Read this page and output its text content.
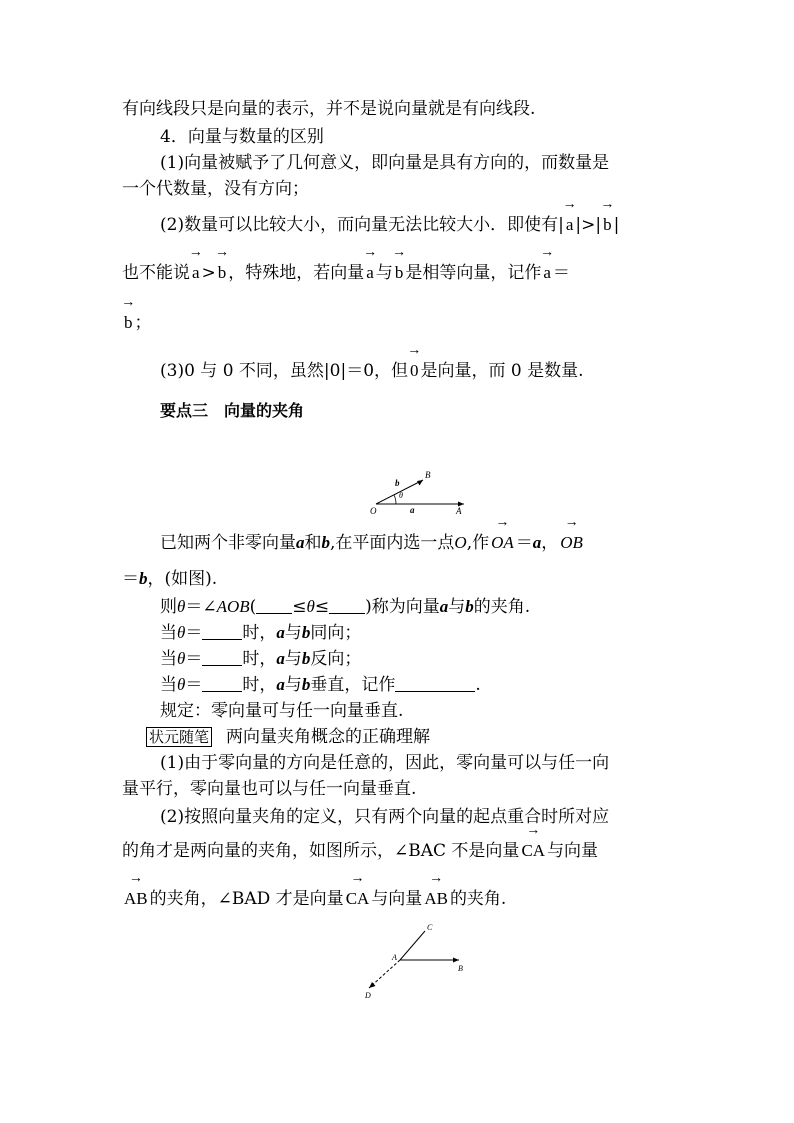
有向线段只是向量的表示，并不是说向量就是有向线段.
4．向量与数量的区别
(1)向量被赋予了几何意义，即向量是具有方向的，而数量是
一个代数量，没有方向；
(2)数量可以比较大小，而向量无法比较大小．即使有| → a |>| → b |
也不能说 → a > → b ，特殊地，若向量 → a 与 → b 是相等向量，记作 → a ＝
→ b ；
(3)0 与 0 不同，虽然|0|＝0，但 → 0 是向量，而 0 是数量.
要点三　向量的夹角
O	A
B
a
b
θ
已知两个非零向量a和b,在平面内选一点O,作 → OA ＝a， → OB
＝b，(如图).
则θ＝∠AOB( ≤θ≤ )称为向量a与b的夹角.
当θ＝ 时，a与b同向；
当θ＝ 时，a与b反向；
当θ＝ 时，a与b垂直，记作	.
规定：零向量可与任一向量垂直.
状元随笔 两向量夹角概念的正确理解
(1)由于零向量的方向是任意的，因此，零向量可以与任一向
量平行，零向量也可以与任一向量垂直.
(2)按照向量夹角的定义，只有两个向量的起点重合时所对应
的角才是两向量的夹角，如图所示，∠BAC 不是向量 → CA 与向量
→ AB 的夹角，∠BAD 才是向量 → CA 与向量 → AB 的夹角.
A
B
C
D
